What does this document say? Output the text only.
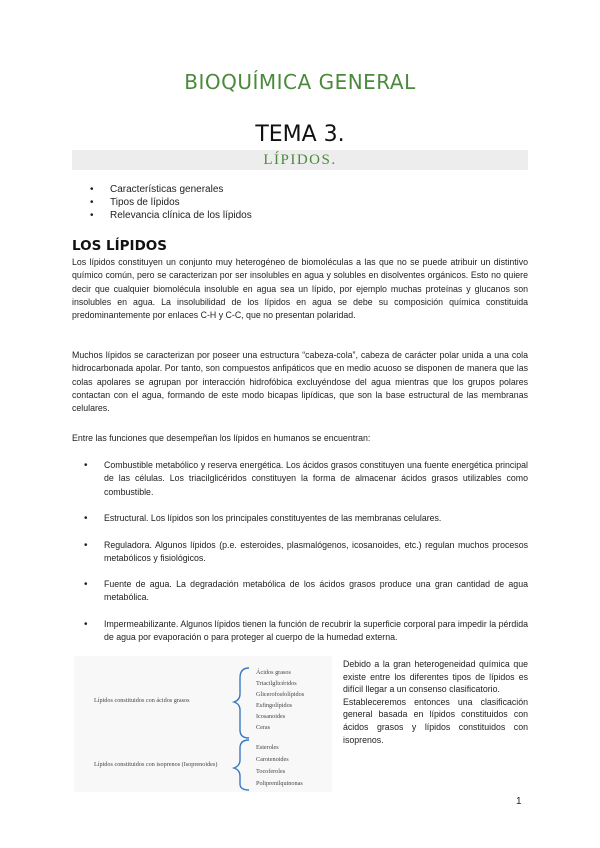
BIOQUÍMICA GENERAL
TEMA 3.
LÍPIDOS.
• Características generales
• Tipos de lípidos
• Relevancia clínica de los lípidos
LOS LÍPIDOS

Los lípidos constituyen un conjunto muy heterogéneo de biomoléculas a las que no se puede atribuir un distintivo químico común, pero se caracterizan por ser insolubles en agua y solubles en disolventes orgánicos. Esto no quiere decir que cualquier biomolécula insoluble en agua sea un lípido, por ejemplo muchas proteínas y glucanos son insolubles en agua. La insolubilidad de los lípidos en agua se debe su composición química constituida predominantemente por enlaces C-H y C-C, que no presentan polaridad.

Muchos lípidos se caracterizan por poseer una estructura “cabeza-cola”, cabeza de carácter polar unida a una cola hidrocarbonada apolar. Por tanto, son compuestos anfipáticos que en medio acuoso se disponen de manera que las colas apolares se agrupan por interacción hidrofóbica excluyéndose del agua mientras que los grupos polares contactan con el agua, formando de este modo bicapas lipídicas, que son la base estructural de las membranas celulares.

Entre las funciones que desempeñan los lípidos en humanos se encuentran:

• Combustible metabólico y reserva energética. Los ácidos grasos constituyen una fuente energética principal de las células. Los triacilglicéridos constituyen la forma de almacenar ácidos grasos utilizables como combustible.
• Estructural. Los lípidos son los principales constituyentes de las membranas celulares.
• Reguladora. Algunos lípidos (p.e. esteroides, plasmalógenos, icosanoides, etc.) regulan muchos procesos metabólicos y fisiológicos.
• Fuente de agua. La degradación metabólica de los ácidos grasos produce una gran cantidad de agua metabólica.
• Impermeabilizante. Algunos lípidos tienen la función de recubrir la superficie corporal para impedir la pérdida de agua por evaporación o para proteger al cuerpo de la humedad externa.
Lípidos constituidos con ácidos grasos
Ácidos grasos
Triacilglicéridos
Glicerofosfolípidos
Esfingolípidos
Icosanoides
Ceras
Lípidos constituidos con isoprenos (Isoprenoides)
Esteroles
Carotenoides
Tocoferoles
Poliprenilquinonas
Debido a la gran heterogeneidad química que existe entre los diferentes tipos de lípidos es difícil llegar a un consenso clasificatorio.
Estableceremos entonces una clasificación general basada en lípidos constituidos con ácidos grasos y lípidos constituidos con isoprenos.
1
